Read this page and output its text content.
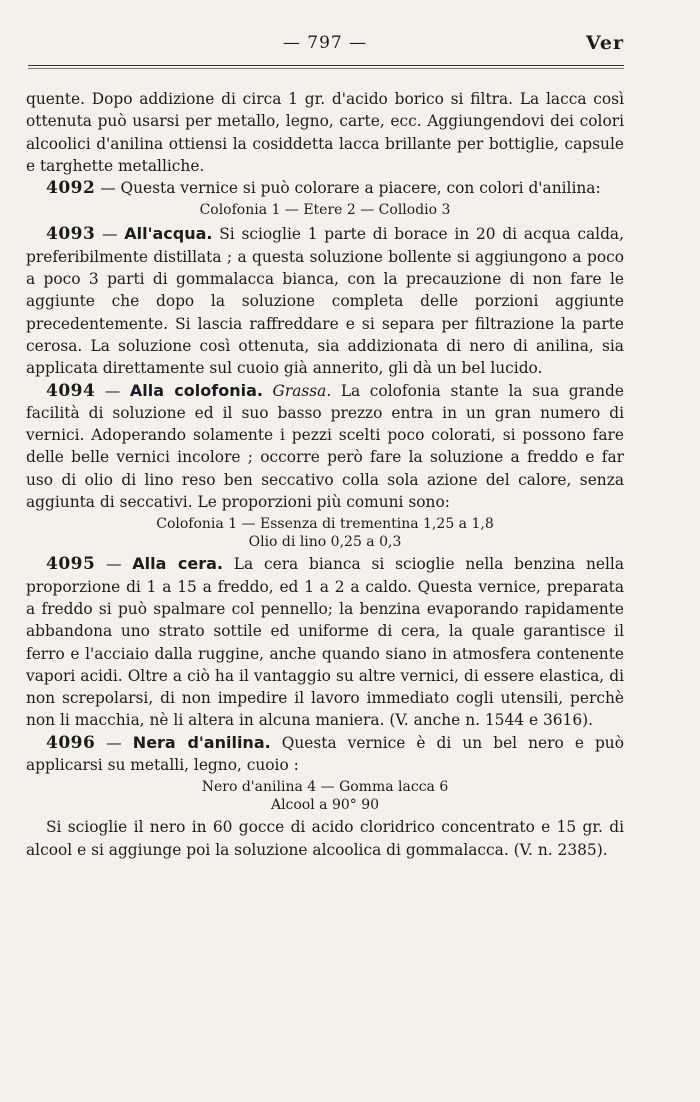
— 797 —	Ver

quente. Dopo addizione di circa 1 gr. d'acido borico si filtra. La lacca così ottenuta può usarsi per metallo, legno, carte, ecc. Aggiungendovi dei colori alcoolici d'anilina ottiensi la cosiddetta lacca brillante per bottiglie, capsule e targhette metalliche.

4092 — Questa vernice si può colorare a piacere, con colori d'anilina:

Colofonia 1 — Etere 2 — Collodio 3

4093 — All'acqua. Si scioglie 1 parte di borace in 20 di acqua calda, preferibilmente distillata ; a questa soluzione bollente si aggiungono a poco a poco 3 parti di gommalacca bianca, con la precauzione di non fare le aggiunte che dopo la soluzione completa delle porzioni aggiunte precedentemente. Si lascia raffreddare e si separa per filtrazione la parte cerosa. La soluzione così ottenuta, sia addizionata di nero di anilina, sia applicata direttamente sul cuoio già annerito, gli dà un bel lucido.

4094 — Alla colofonia. Grassa. La colofonia stante la sua grande facilità di soluzione ed il suo basso prezzo entra in un gran numero di vernici. Adoperando solamente i pezzi scelti poco colorati, si possono fare delle belle vernici incolore ; occorre però fare la soluzione a freddo e far uso di olio di lino reso ben seccativo colla sola azione del calore, senza aggiunta di seccativi. Le proporzioni più comuni sono:

Colofonia 1 — Essenza di trementina 1,25 a 1,8
Olio di lino 0,25 a 0,3

4095 — Alla cera. La cera bianca si scioglie nella benzina nella proporzione di 1 a 15 a freddo, ed 1 a 2 a caldo. Questa vernice, preparata a freddo si può spalmare col pennello; la benzina evaporando rapidamente abbandona uno strato sottile ed uniforme di cera, la quale garantisce il ferro e l'acciaio dalla ruggine, anche quando siano in atmosfera contenente vapori acidi. Oltre a ciò ha il vantaggio su altre vernici, di essere elastica, di non screpolarsi, di non impedire il lavoro immediato cogli utensili, perchè non li macchia, nè li altera in alcuna maniera. (V. anche n. 1544 e 3616).

4096 — Nera d'anilina. Questa vernice è di un bel nero e può applicarsi su metalli, legno, cuoio :

Nero d'anilina 4 — Gomma lacca 6
Alcool a 90° 90

Si scioglie il nero in 60 gocce di acido cloridrico concentrato e 15 gr. di alcool e si aggiunge poi la soluzione alcoolica di gommalacca. (V. n. 2385).
